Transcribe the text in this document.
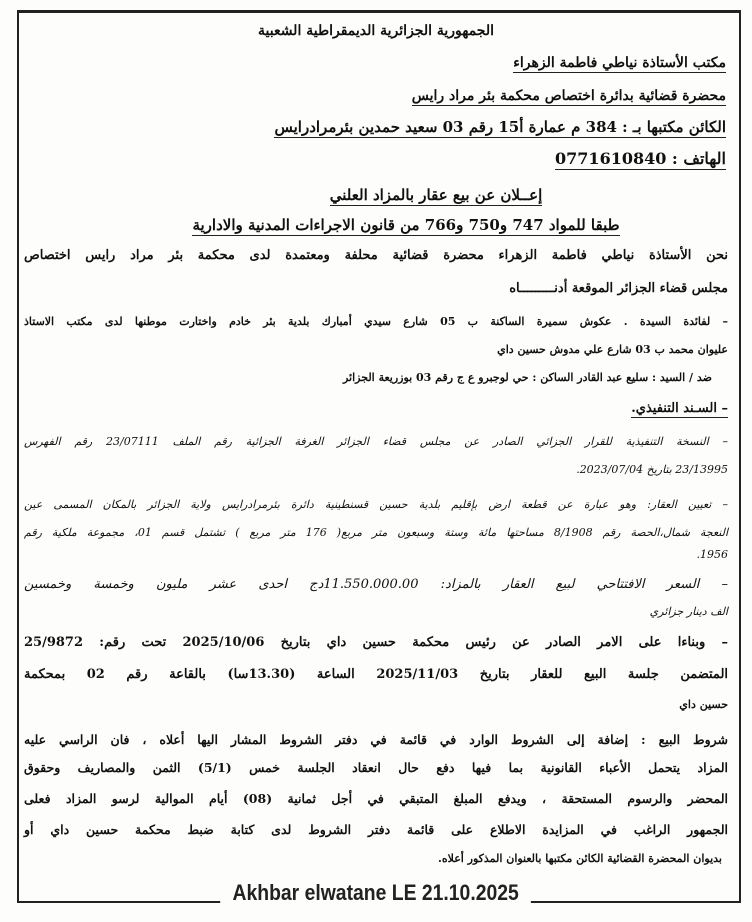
الجمهورية الجزائرية الديمقراطية الشعبية
مكتب الأستاذة نياطي فاطمة الزهراء
محضرة قضائية بدائرة اختصاص محكمة بئر مراد رايس
الكائن مكتبها بـ : 384 م عمارة أ15 رقم 03 سعيد حمدين بئرمرادرايس
الهاتف : 0771610840
إعــلان عن بيع عقار بالمزاد العلني
طبقا للمواد 747 و750 و766 من قانون الاجراءات المدنية والادارية
نحن الأستاذة نياطي فاطمة الزهراء محضرة قضائية محلفة ومعتمدة لدى محكمة بئر مراد رايس اختصاص
مجلس قضاء الجزائر الموقعة أدنـــــــــاه
– لفائدة السيدة . عكوش سميرة الساكنة ب 05 شارع سيدي أمبارك بلدية بئر خادم واختارت موطنها لدى مكتب الاستاذ
عليوان محمد ب 03 شارع علي مدوش حسين داي
ضد / السيد : سليع عبد القادر الساكن : حي لوجبرو ع ج رقم 03 بوزريعة الجزائر
– السـند التنفيذي.
– النسخة التنفيذية للقرار الجزائي الصادر عن مجلس قضاء الجزائر الغرفة الجزائية رقم الملف 23/07111 رقم الفهرس
23/13995 بتاريخ 2023/07/04.
– تعيين العقار: وهو عبارة عن قطعة ارض بإقليم بلدية حسين قسنطينية دائرة بئرمرادرايس ولاية الجزائر بالمكان المسمى عين
النعجة شمال،الحصة رقم 8/1908 مساحتها مائة وستة وسبعون متر مربع( 176 متر مربع ) تشتمل قسم 01، مجموعة ملكية رقم
1956.
– السعر الافتتاحي لبيع العقار بالمزاد: 11.550.000.00دج احدى عشر مليون وخمسة وخمسين
الف دينار جزائري
– وبناءا على الامر الصادر عن رئيس محكمة حسين داي بتاريخ 2025/10/06 تحت رقم: 25/9872
المتضمن جلسة البيع للعقار بتاريخ 2025/11/03 الساعة (13.30سا) بالقاعة رقم 02 بمحكمة
حسين داي
شروط البيع : إضافة إلى الشروط الوارد في قائمة في دفتر الشروط المشار اليها أعلاه ، فان الراسي عليه
المزاد يتحمل الأعباء القانونية بما فيها دفع حال انعقاد الجلسة خمس (5/1) الثمن والمصاريف وحقوق
المحضر والرسوم المستحقة ، ويدفع المبلغ المتبقي في أجل ثمانية (08) أيام الموالية لرسو المزاد فعلى
الجمهور الراغب في المزايدة الاطلاع على قائمة دفتر الشروط لدى كتابة ضبط محكمة حسين داي أو
بديوان المحضرة القضائية الكائن مكتبها بالعنوان المذكور أعلاه.
Akhbar elwatane LE 21.10.2025
